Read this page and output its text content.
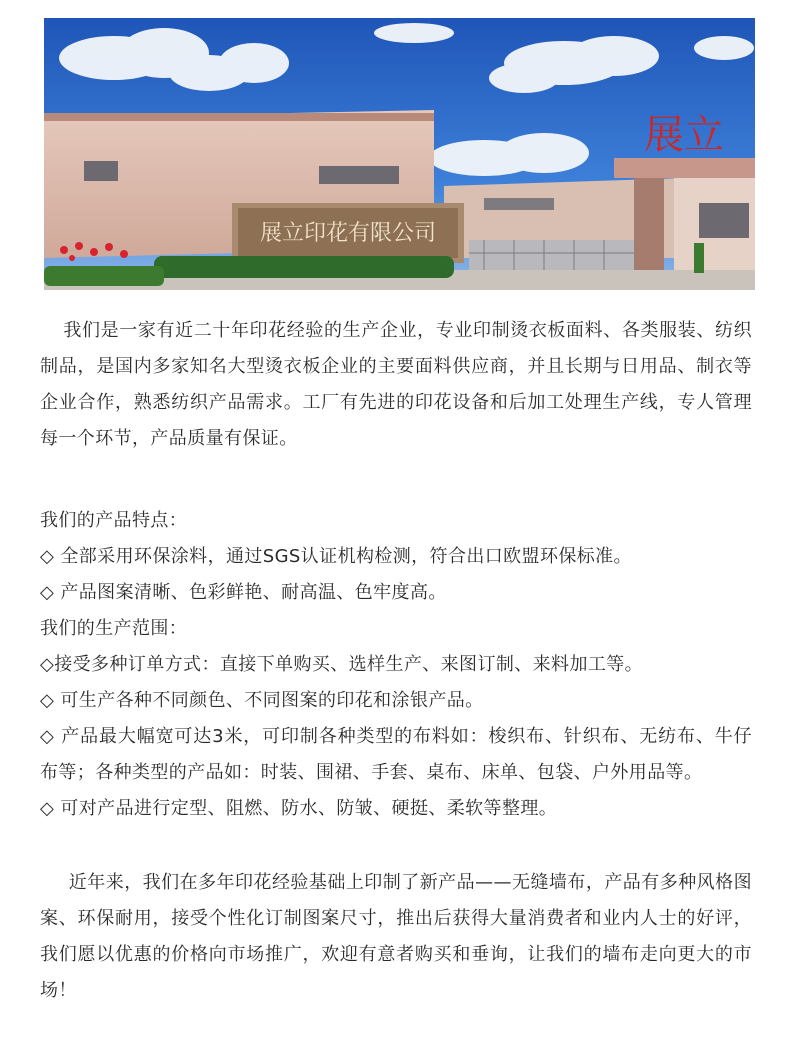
展立
展立印花有限公司

我们是一家有近二十年印花经验的生产企业，专业印制烫衣板面料、各类服装、纺织制品，是国内多家知名大型烫衣板企业的主要面料供应商，并且长期与日用品、制衣等企业合作，熟悉纺织产品需求。工厂有先进的印花设备和后加工处理生产线，专人管理每一个环节，产品质量有保证。

我们的产品特点：

◇ 全部采用环保涂料，通过SGS认证机构检测，符合出口欧盟环保标准。

◇ 产品图案清晰、色彩鲜艳、耐高温、色牢度高。

我们的生产范围：

◇接受多种订单方式：直接下单购买、选样生产、来图订制、来料加工等。

◇ 可生产各种不同颜色、不同图案的印花和涂银产品。

◇ 产品最大幅宽可达3米，可印制各种类型的布料如：梭织布、针织布、无纺布、牛仔布等；各种类型的产品如：时装、围裙、手套、桌布、床单、包袋、户外用品等。

◇ 可对产品进行定型、阻燃、防水、防皱、硬挺、柔软等整理。

近年来，我们在多年印花经验基础上印制了新产品——无缝墙布，产品有多种风格图案、环保耐用，接受个性化订制图案尺寸，推出后获得大量消费者和业内人士的好评，我们愿以优惠的价格向市场推广，欢迎有意者购买和垂询，让我们的墙布走向更大的市场！
